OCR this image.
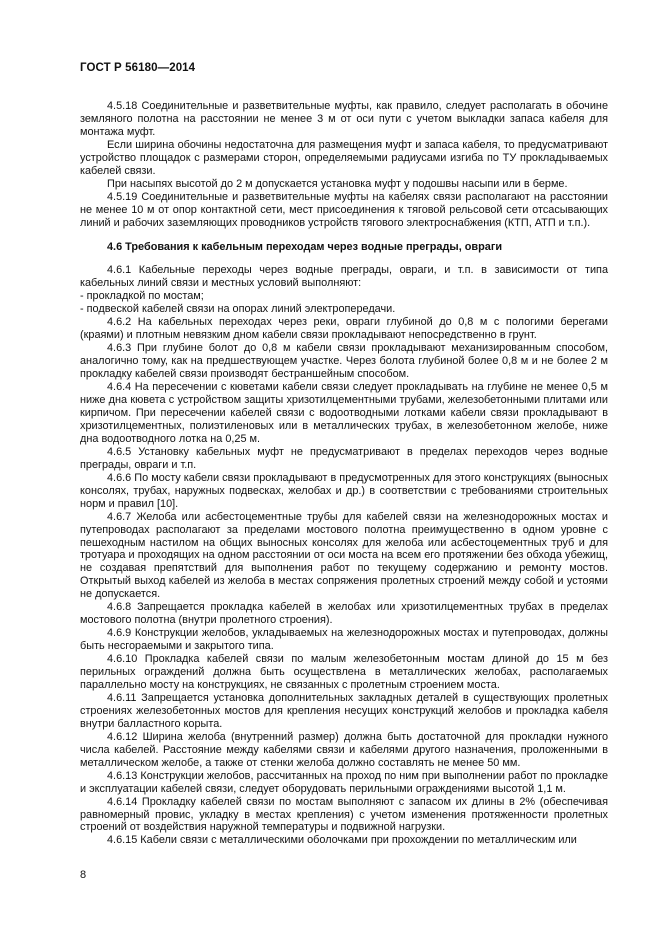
ГОСТ Р 56180—2014

4.5.18 Соединительные и разветвительные муфты, как правило, следует располагать в обочине земляного полотна на расстоянии не менее 3 м от оси пути с учетом выкладки запаса кабеля для монтажа муфт.

Если ширина обочины недостаточна для размещения муфт и запаса кабеля, то предусматривают устройство площадок с размерами сторон, определяемыми радиусами изгиба по ТУ прокладываемых кабелей связи.

При насыпях высотой до 2 м допускается установка муфт у подошвы насыпи или в берме.

4.5.19 Соединительные и разветвительные муфты на кабелях связи располагают на расстоянии не менее 10 м от опор контактной сети, мест присоединения к тяговой рельсовой сети отсасывающих линий и рабочих заземляющих проводников устройств тягового электроснабжения (КТП, АТП и т.п.).

4.6 Требования к кабельным переходам через водные преграды, овраги

4.6.1 Кабельные переходы через водные преграды, овраги, и т.п. в зависимости от типа кабельных линий связи и местных условий выполняют:

- прокладкой по мостам;

- подвеской кабелей связи на опорах линий электропередачи.

4.6.2 На кабельных переходах через реки, овраги глубиной до 0,8 м с пологими берегами (краями) и плотным невязким дном кабели связи прокладывают непосредственно в грунт.

4.6.3 При глубине болот до 0,8 м кабели связи прокладывают механизированным способом, аналогично тому, как на предшествующем участке. Через болота глубиной более 0,8 м и не более 2 м прокладку кабелей связи производят бестраншейным способом.

4.6.4 На пересечении с кюветами кабели связи следует прокладывать на глубине не менее 0,5 м ниже дна кювета с устройством защиты хризотилцементными трубами, железобетонными плитами или кирпичом. При пересечении кабелей связи с водоотводными лотками кабели связи прокладывают в хризотилцементных, полиэтиленовых или в металлических трубах, в железобетонном желобе, ниже дна водоотводного лотка на 0,25 м.

4.6.5 Установку кабельных муфт не предусматривают в пределах переходов через водные преграды, овраги и т.п.

4.6.6 По мосту кабели связи прокладывают в предусмотренных для этого конструкциях (выносных консолях, трубах, наружных подвесках, желобах и др.) в соответствии с требованиями строительных норм и правил [10].

4.6.7 Желоба или асбестоцементные трубы для кабелей связи на железнодорожных мостах и путепроводах располагают за пределами мостового полотна преимущественно в одном уровне с пешеходным настилом на общих выносных консолях для желоба или асбестоцементных труб и для тротуара и проходящих на одном расстоянии от оси моста на всем его протяжении без обхода убежищ, не создавая препятствий для выполнения работ по текущему содержанию и ремонту мостов. Открытый выход кабелей из желоба в местах сопряжения пролетных строений между собой и устоями не допускается.

4.6.8 Запрещается прокладка кабелей в желобах или хризотилцементных трубах в пределах мостового полотна (внутри пролетного строения).

4.6.9 Конструкции желобов, укладываемых на железнодорожных мостах и путепроводах, должны быть несгораемыми и закрытого типа.

4.6.10 Прокладка кабелей связи по малым железобетонным мостам длиной до 15 м без перильных ограждений должна быть осуществлена в металлических желобах, располагаемых параллельно мосту на конструкциях, не связанных с пролетным строением моста.

4.6.11 Запрещается установка дополнительных закладных деталей в существующих пролетных строениях железобетонных мостов для крепления несущих конструкций желобов и прокладка кабеля внутри балластного корыта.

4.6.12 Ширина желоба (внутренний размер) должна быть достаточной для прокладки нужного числа кабелей. Расстояние между кабелями связи и кабелями другого назначения, проложенными в металлическом желобе, а также от стенки желоба должно составлять не менее 50 мм.

4.6.13 Конструкции желобов, рассчитанных на проход по ним при выполнении работ по прокладке и эксплуатации кабелей связи, следует оборудовать перильными ограждениями высотой 1,1 м.

4.6.14 Прокладку кабелей связи по мостам выполняют с запасом их длины в 2% (обеспечивая равномерный провис, укладку в местах крепления) с учетом изменения протяженности пролетных строений от воздействия наружной температуры и подвижной нагрузки.

4.6.15 Кабели связи с металлическими оболочками при прохождении по металлическим или

8
